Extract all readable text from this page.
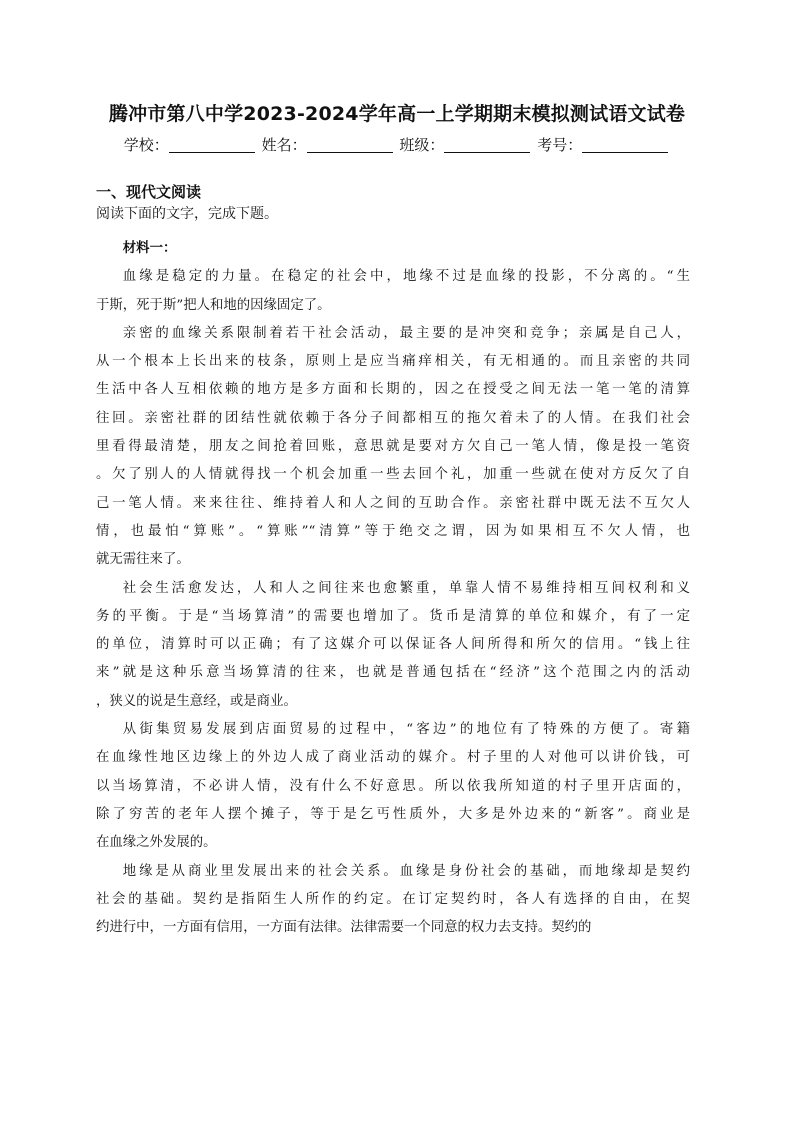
腾冲市第八中学2023-2024学年高一上学期期末模拟测试语文试卷
学校：	姓名：	班级：	考号：
一、现代文阅读
阅读下面的文字，完成下题。

材料一：

血缘是稳定的力量。在稳定的社会中，地缘不过是血缘的投影，不分离的。“生
于斯，死于斯”把人和地的因缘固定了。

亲密的血缘关系限制着若干社会活动，最主要的是冲突和竞争；亲属是自己人，
从一个根本上长出来的枝条，原则上是应当痛痒相关，有无相通的。而且亲密的共同
生活中各人互相依赖的地方是多方面和长期的，因之在授受之间无法一笔一笔的清算
往回。亲密社群的团结性就依赖于各分子间都相互的拖欠着未了的人情。在我们社会
里看得最清楚，朋友之间抢着回账，意思就是要对方欠自己一笔人情，像是投一笔资
。欠了别人的人情就得找一个机会加重一些去回个礼，加重一些就在使对方反欠了自
己一笔人情。来来往往、维持着人和人之间的互助合作。亲密社群中既无法不互欠人
情，也最怕“算账”。“算账”“清算”等于绝交之谓，因为如果相互不欠人情，也
就无需往来了。

社会生活愈发达，人和人之间往来也愈繁重，单靠人情不易维持相互间权利和义
务的平衡。于是“当场算清”的需要也增加了。货币是清算的单位和媒介，有了一定
的单位，清算时可以正确；有了这媒介可以保证各人间所得和所欠的信用。“钱上往
来”就是这种乐意当场算清的往来，也就是普通包括在“经济”这个范围之内的活动
，狭义的说是生意经，或是商业。

从街集贸易发展到店面贸易的过程中，“客边”的地位有了特殊的方便了。寄籍
在血缘性地区边缘上的外边人成了商业活动的媒介。村子里的人对他可以讲价钱，可
以当场算清，不必讲人情，没有什么不好意思。所以依我所知道的村子里开店面的，
除了穷苦的老年人摆个摊子，等于是乞丐性质外，大多是外边来的“新客”。商业是
在血缘之外发展的。

地缘是从商业里发展出来的社会关系。血缘是身份社会的基础，而地缘却是契约
社会的基础。契约是指陌生人所作的约定。在订定契约时，各人有选择的自由，在契
约进行中，一方面有信用，一方面有法律。法律需要一个同意的权力去支持。契约的
